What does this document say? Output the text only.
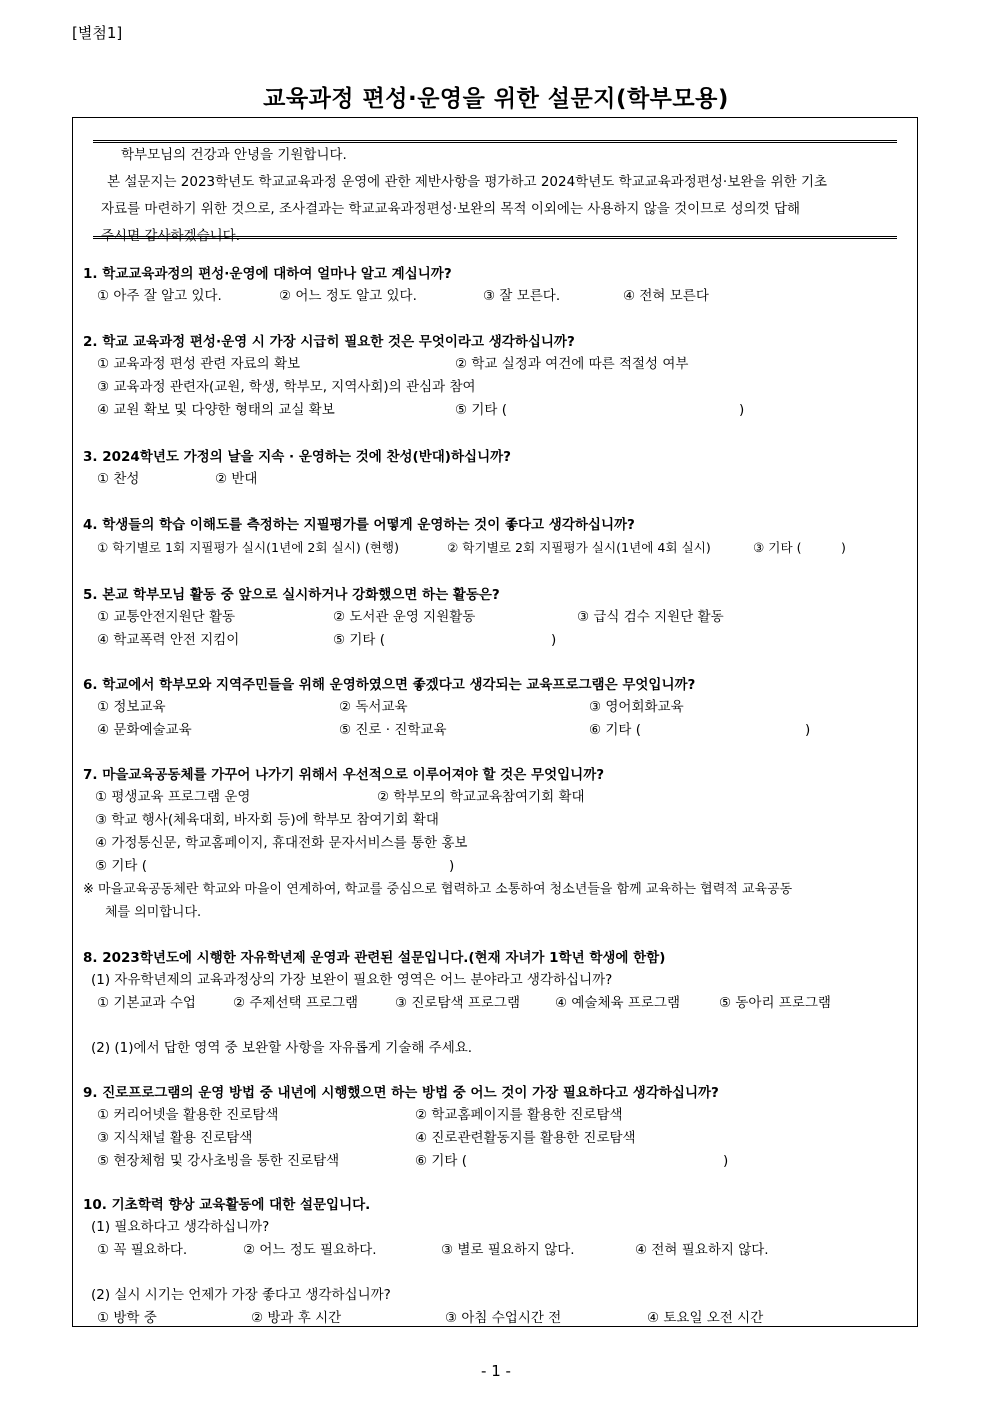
[별첨1]
교육과정 편성·운영을 위한 설문지(학부모용)

학부모님의 건강과 안녕을 기원합니다.

본 설문지는 2023학년도 학교교육과정 운영에 관한 제반사항을 평가하고 2024학년도 학교교육과정편성·보완을 위한 기초

자료를 마련하기 위한 것으로, 조사결과는 학교교육과정편성·보완의 목적 이외에는 사용하지 않을 것이므로 성의껏 답해

주시면 감사하겠습니다.

1. 학교교육과정의 편성·운영에 대하여 얼마나 알고 계십니까?
① 아주 잘 알고 있다.	② 어느 정도 알고 있다.	③ 잘 모른다.	④ 전혀 모른다
2. 학교 교육과정 편성·운영 시 가장 시급히 필요한 것은 무엇이라고 생각하십니까?
① 교육과정 편성 관련 자료의 확보	② 학교 실정과 여건에 따른 적절성 여부
③ 교육과정 관련자(교원, 학생, 학부모, 지역사회)의 관심과 참여
④ 교원 확보 및 다양한 형태의 교실 확보	⑤ 기타 (	)
3. 2024학년도 가정의 날을 지속 · 운영하는 것에 찬성(반대)하십니까?
① 찬성	② 반대
4. 학생들의 학습 이해도를 측정하는 지필평가를 어떻게 운영하는 것이 좋다고 생각하십니까?
① 학기별로 1회 지필평가 실시(1년에 2회 실시) (현행)	② 학기별로 2회 지필평가 실시(1년에 4회 실시)	③ 기타 (	)
5. 본교 학부모님 활동 중 앞으로 실시하거나 강화했으면 하는 활동은?
① 교통안전지원단 활동	② 도서관 운영 지원활동	③ 급식 검수 지원단 활동
④ 학교폭력 안전 지킴이	⑤ 기타 (	)
6. 학교에서 학부모와 지역주민들을 위해 운영하였으면 좋겠다고 생각되는 교육프로그램은 무엇입니까?
① 정보교육	② 독서교육	③ 영어회화교육
④ 문화예술교육	⑤ 진로 · 진학교육	⑥ 기타 (	)
7. 마을교육공동체를 가꾸어 나가기 위해서 우선적으로 이루어져야 할 것은 무엇입니까?
① 평생교육 프로그램 운영	② 학부모의 학교교육참여기회 확대
③ 학교 행사(체육대회, 바자회 등)에 학부모 참여기회 확대
④ 가정통신문, 학교홈페이지, 휴대전화 문자서비스를 통한 홍보
⑤ 기타 (	)
※ 마을교육공동체란 학교와 마을이 연계하여, 학교를 중심으로 협력하고 소통하여 청소년들을 함께 교육하는 협력적 교육공동
체를 의미합니다.
8. 2023학년도에 시행한 자유학년제 운영과 관련된 설문입니다.(현재 자녀가 1학년 학생에 한함)
(1) 자유학년제의 교육과정상의 가장 보완이 필요한 영역은 어느 분야라고 생각하십니까?
① 기본교과 수업	② 주제선택 프로그램	③ 진로탐색 프로그램	④ 예술체육 프로그램	⑤ 동아리 프로그램
(2) (1)에서 답한 영역 중 보완할 사항을 자유롭게 기술해 주세요.
9. 진로프로그램의 운영 방법 중 내년에 시행했으면 하는 방법 중 어느 것이 가장 필요하다고 생각하십니까?
① 커리어넷을 활용한 진로탐색	② 학교홈페이지를 활용한 진로탐색
③ 지식채널 활용 진로탐색	④ 진로관련활동지를 활용한 진로탐색
⑤ 현장체험 및 강사초빙을 통한 진로탐색	⑥ 기타 (	)
10. 기초학력 향상 교육활동에 대한 설문입니다.
(1) 필요하다고 생각하십니까?
① 꼭 필요하다.	② 어느 정도 필요하다.	③ 별로 필요하지 않다.	④ 전혀 필요하지 않다.
(2) 실시 시기는 언제가 가장 좋다고 생각하십니까?
① 방학 중	② 방과 후 시간	③ 아침 수업시간 전	④ 토요일 오전 시간
- 1 -
